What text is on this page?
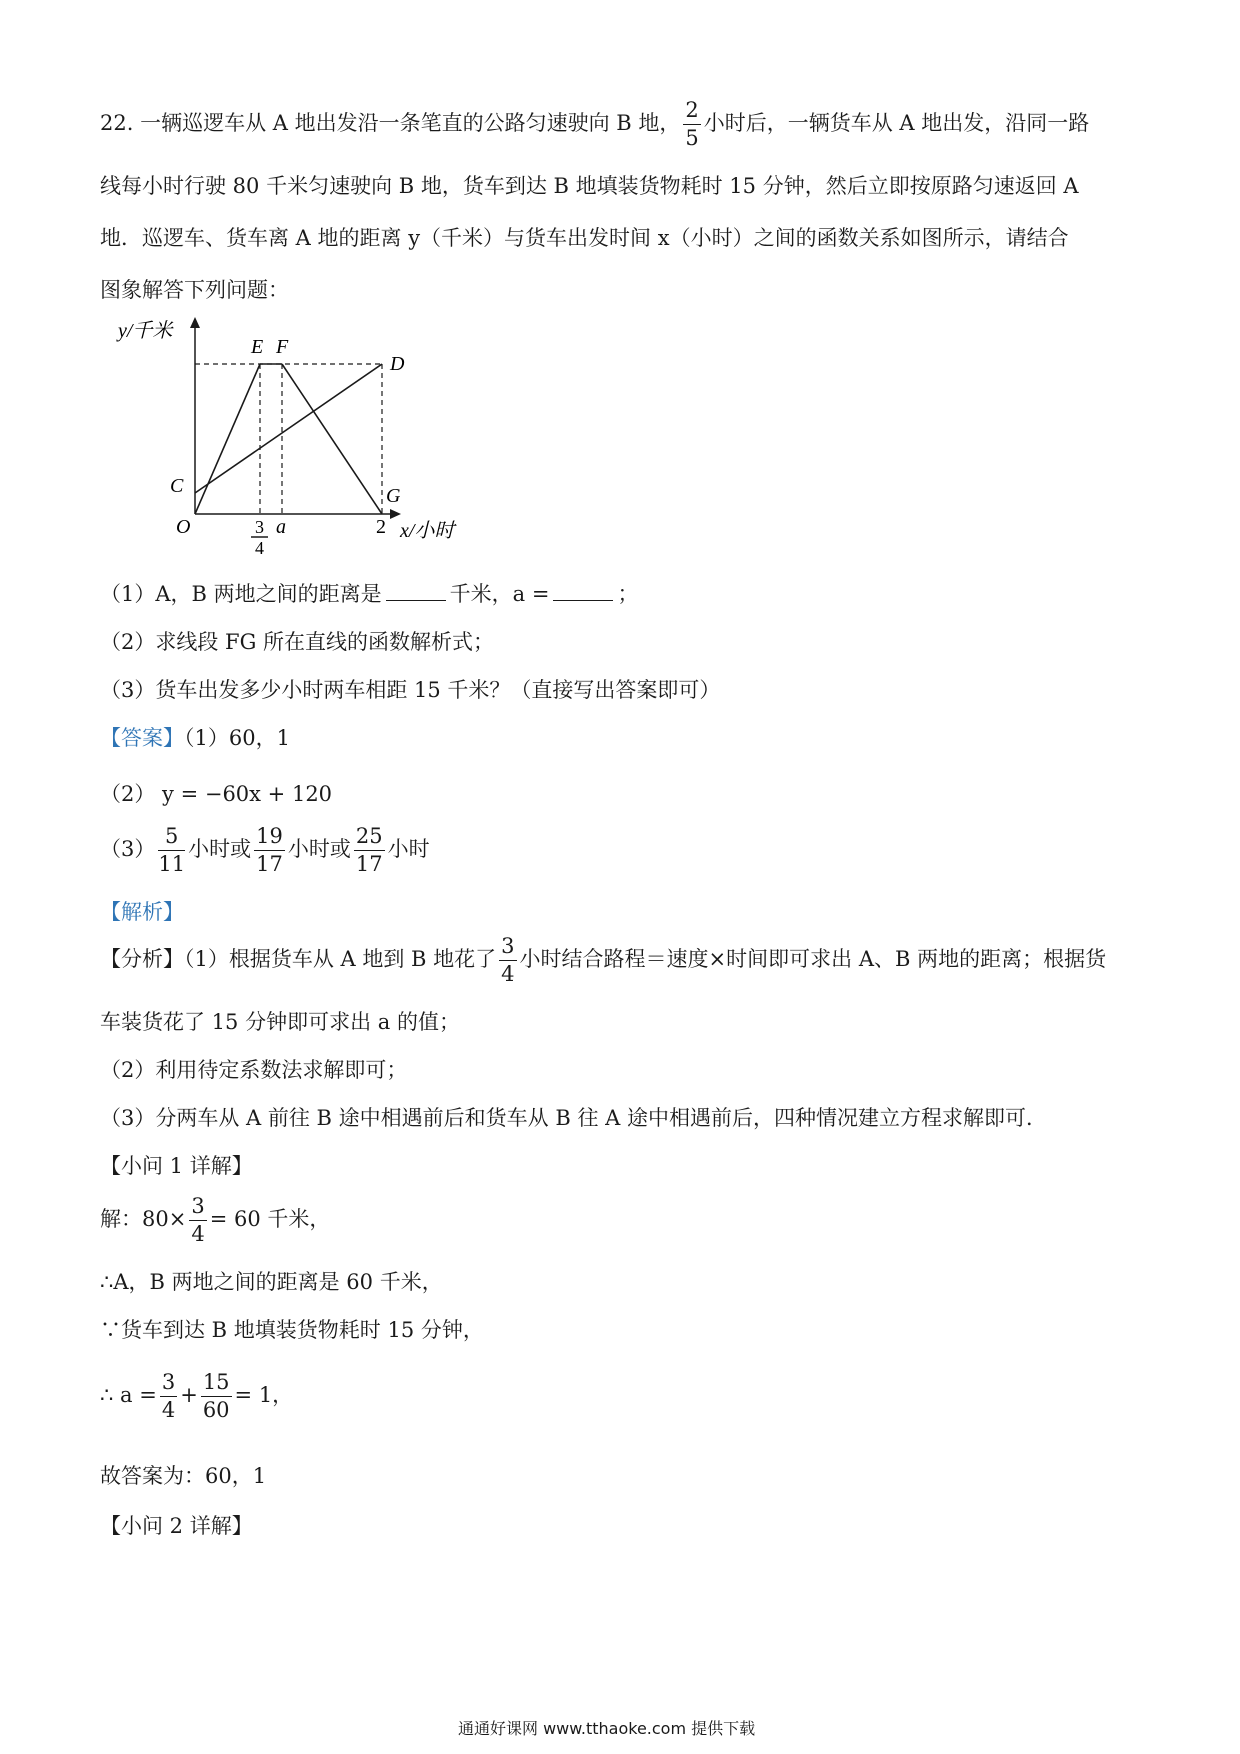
22. 一辆巡逻车从 A 地出发沿一条笔直的公路匀速驶向 B 地， $\frac{2}{5}$ 小时后，一辆货车从 A 地出发，沿同一路
线每小时行驶 80 千米匀速驶向 B 地，货车到达 B 地填装货物耗时 15 分钟，然后立即按原路匀速返回 A
地．巡逻车、货车离 A 地的距离 y（千米）与货车出发时间 x（小时）之间的函数关系如图所示，请结合
图象解答下列问题：
y/千米
E F
D
C	G
O	3
4
a	2 x/小时
（1）A，B 两地之间的距离是	千米，a =	；
（2）求线段 FG 所在直线的函数解析式；
（3）货车出发多少小时两车相距 15 千米？（直接写出答案即可）
【答案】（1）60，1
（2） y = −60x + 120
$(3) \frac{5}{11}$ 小时或 $\frac{19}{17}$ 小时或 $\frac{25}{17}$ 小时
【解析】
【分析】（1）根据货车从 A 地到 B 地花了 $\frac{3}{4}$ 小时结合路程＝速度×时间即可求出 A、B 两地的距离；根据货
车装货花了 15 分钟即可求出 a 的值；
（2）利用待定系数法求解即可；
（3）分两车从 A 前往 B 途中相遇前后和货车从 B 往 A 途中相遇前后，四种情况建立方程求解即可．
【小问 1 详解】
解：$80\times \frac{3}{4} = 60$ 千米，
∴A，B 两地之间的距离是 60 千米，
∵货车到达 B 地填装货物耗时 15 分钟，
∴ $a = \frac{3}{4} + \frac{15}{60} = 1$，
故答案为：60，1
【小问 2 详解】
通通好课网 www.tthaoke.com 提供下载
